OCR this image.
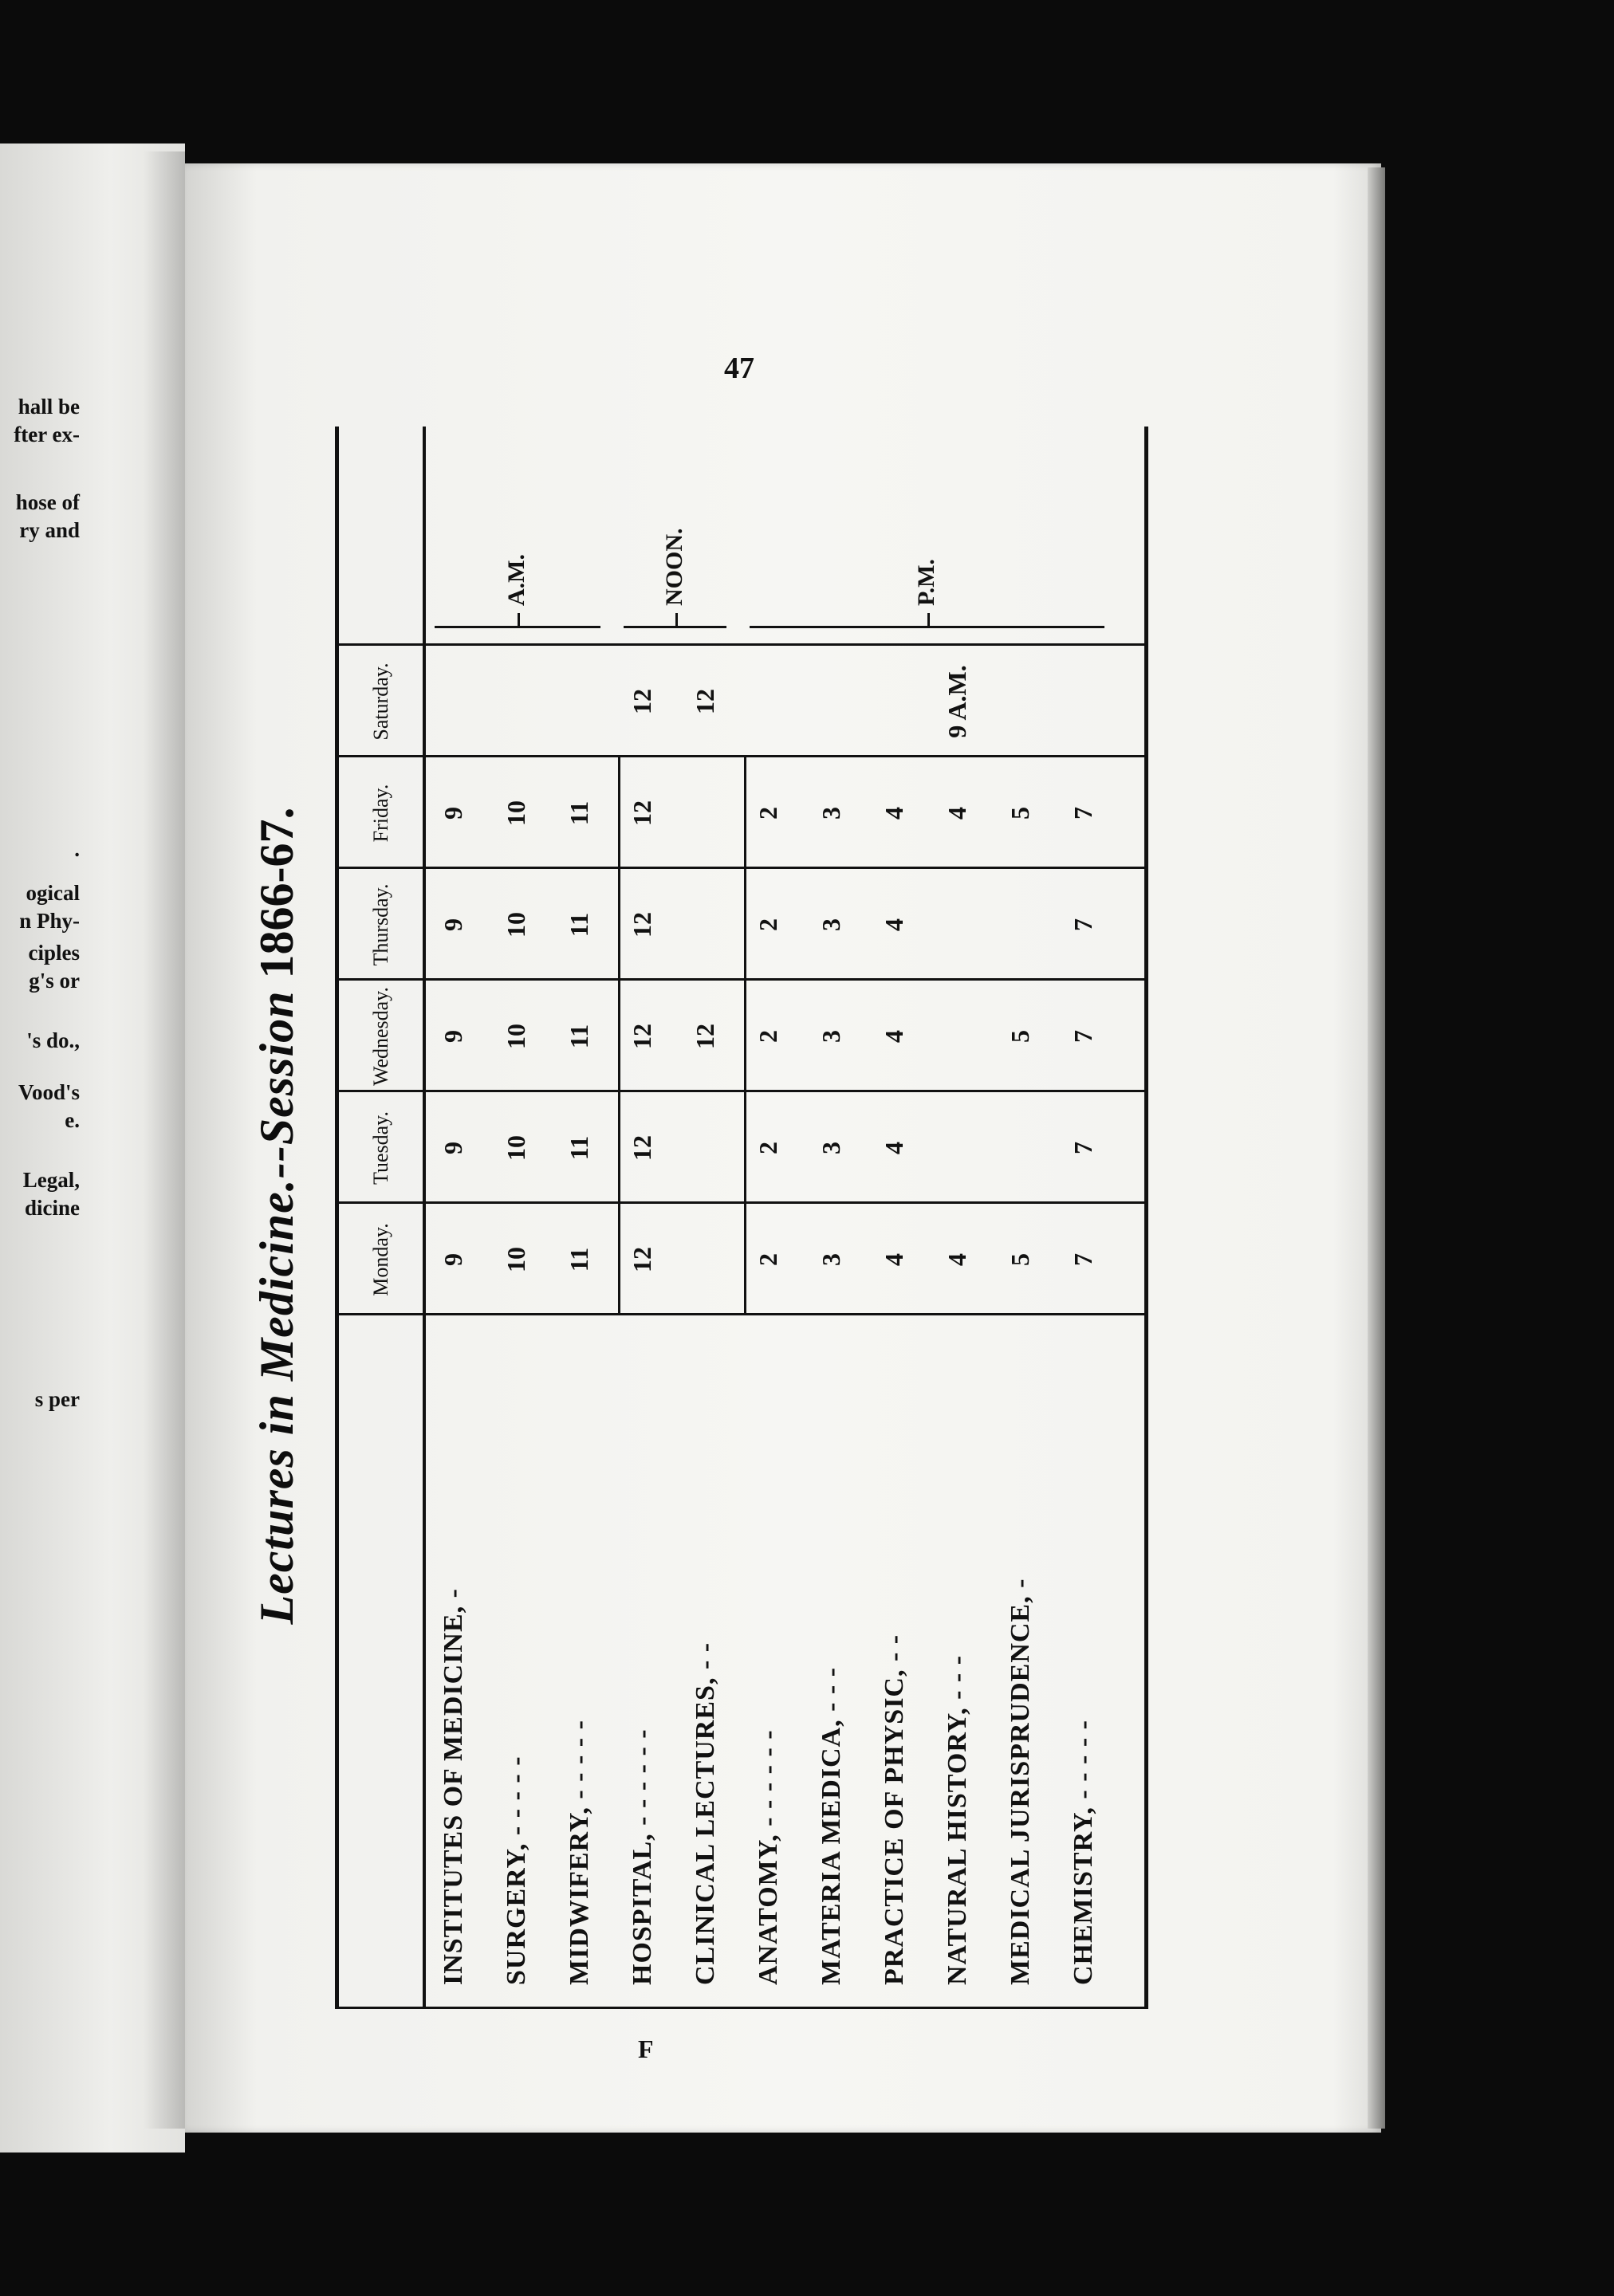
hall be
fter ex-
hose of
ry and
.
ogical
n Phy-
ciples
g's or
's do.,
Vood's
e.
Legal,
dicine
s per
47
Lectures in Medicine.--Session 1866-67.
Monday.
Tuesday.
Wednesday.
Thursday.
Friday.
Saturday.
INSTITUTES OF MEDICINE, -
9
9
9
9
9
SURGERY, - - - - -
10
10
10
10
10
MIDWIFERY, - - - - -
11
11
11
11
11
HOSPITAL, - - - - - -
12
12
12
12
12
12
CLINICAL LECTURES, - -
12
12
ANATOMY, - - - - - -
2
2
2
2
2
MATERIA MEDICA, - - -
3
3
3
3
3
PRACTICE OF PHYSIC, - -
4
4
4
4
4
NATURAL HISTORY, - - -
4
4
9 A.M.
MEDICAL JURISPRUDENCE, -
5
5
5
CHEMISTRY, - - - - -
7
7
7
7
7
A.M.	NOON.	P.M.
F
